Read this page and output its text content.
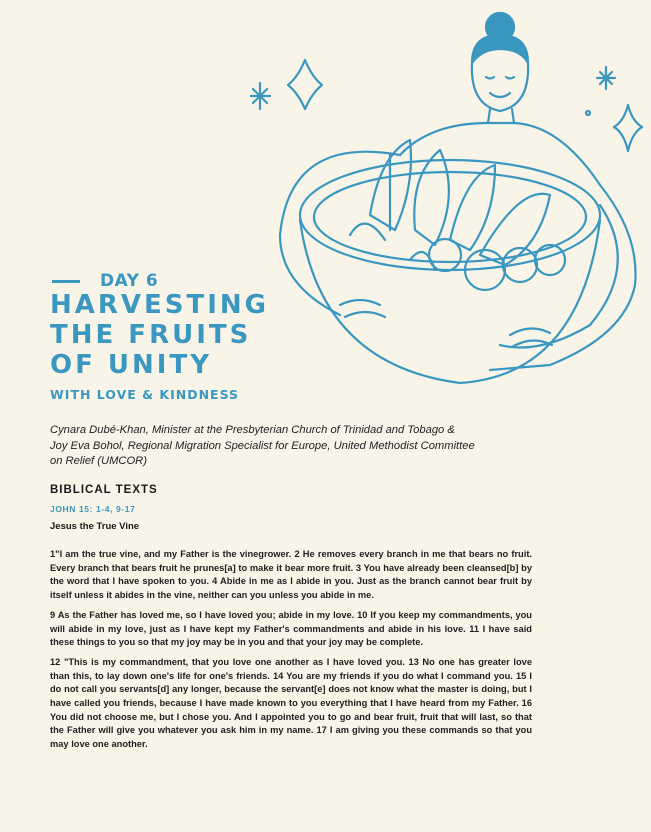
DAY 6
HARVESTING
THE FRUITS
OF UNITY
WITH LOVE & KINDNESS
Cynara Dubé-Khan, Minister at the Presbyterian Church of Trinidad and Tobago &
Joy Eva Bohol, Regional Migration Specialist for Europe, United Methodist Committee
on Relief (UMCOR)
BIBLICAL TEXTS
JOHN 15: 1-4, 9-17
Jesus the True Vine

1"I am the true vine, and my Father is the vinegrower. 2 He removes every branch in me that bears no fruit. Every branch that bears fruit he prunes[a] to make it bear more fruit. 3 You have already been cleansed[b] by the word that I have spoken to you. 4 Abide in me as I abide in you. Just as the branch cannot bear fruit by itself unless it abides in the vine, neither can you unless you abide in me.

9 As the Father has loved me, so I have loved you; abide in my love. 10 If you keep my commandments, you will abide in my love, just as I have kept my Father's commandments and abide in his love. 11 I have said these things to you so that my joy may be in you and that your joy may be complete.

12 "This is my commandment, that you love one another as I have loved you. 13 No one has greater love than this, to lay down one's life for one's friends. 14 You are my friends if you do what I command you. 15 I do not call you servants[d] any longer, because the servant[e] does not know what the master is doing, but I have called you friends, because I have made known to you everything that I have heard from my Father. 16 You did not choose me, but I chose you. And I appointed you to go and bear fruit, fruit that will last, so that the Father will give you whatever you ask him in my name. 17 I am giving you these commands so that you may love one another.
